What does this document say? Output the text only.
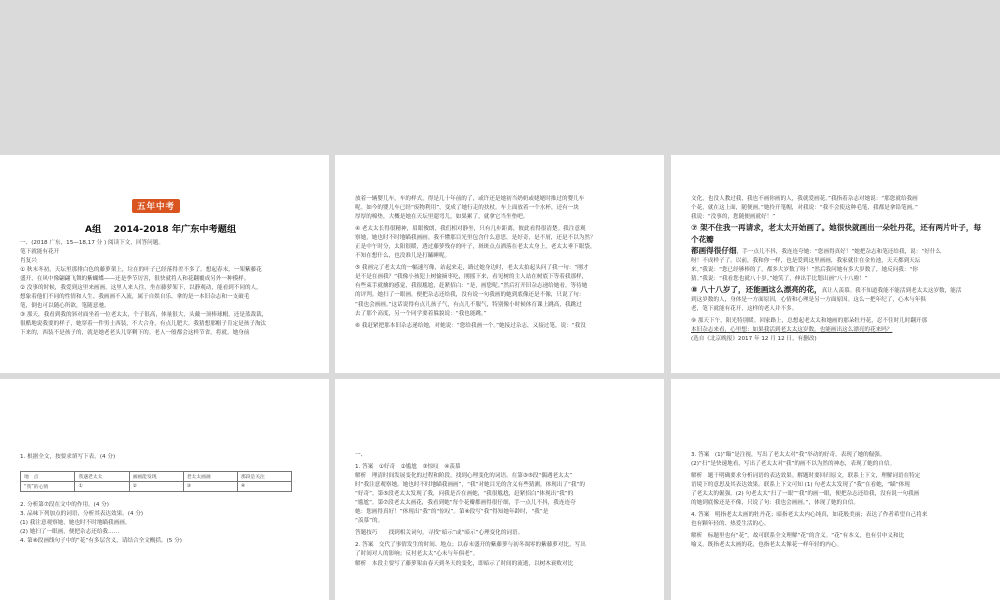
五年中考
A组　 2014-2018 年广东中考题组

一、(2018 广东，15—18,17 分 ) 阅读下文，回答问题。

笔下就能有花开

肖复兴

① 秋末冬初，天坛里那排白色的藤萝架上，垃在的叶子已经落得差不多了。想起春末，一架紫藤花

盛开，在风中像翩翩飞舞的紫蝴蝶——还是季节厉害，很快就将人和花翻覆成另外一种模样。

② 没事的时候，我爱到这里来画画。这里人来人往，坐在藤萝架下，以静观动，能看到不同的人，

想象着他们不同的性情和人生。我画画不入流，属于自娱自乐，拿的是一本旧杂志和一支破毛

笔，倒也可以随心所欲，笔随意驰。

③ 那天，我看到我的斜对面坐着一位老太太，个子很高，体量很大，头戴一顶棒球帽，还是蓝裁裁，

很酷地说我要的样子，她穿着一件男士西装，不大合身，有点儿肥大。我猜想那帽子肯定是孩子淘汰

下来的，西装不是孩子的，就是她老老头儿穿剩下的。老人一般都会这样节省。将就。她身前

放着一辆婴儿车，车的样式，得是几十年前的了，或许还是她初当奶奶或姥姥时推过的婴儿车

呢。如今的婴儿车已经“废物利用”，变成了她行走的扶杖。车上面放着一个水杯，还有一块

厚厚的棉垫，大概是她在天坛里遛弯儿，如果累了，就拿它当坐垫吧。

④ 老太太长得很精神，眉眼俊朗，我们相对静坐，只有几步距离，彼此看得很清楚。我注意观

察她，她也时不时地瞄我画画。我不懂那目光里包含什么意思，是好奇，是不屑，还是不以为然？

正是中午时分，太阳很暖，透过藤萝残存的叶子，斑斑点点洒落在老太太身上，老太太垂下眼袋，

不知在想什么，也没准儿是打瞌睡呢。

⑤ 我画完了老太太的一幅速写像，站起来走，路过她身边时，老太太拍起头问了我一句：“刚才

是不是在画我？”我像小孩犯上树偷摘枣吃，刚摇下来，看见树的主人站在树底下等着我那样，

有些束手就擒的感觉，我很尴尬，赶紧招白：“是，画您呢。”然后打开旧杂志递给她看，等待她

的评判。她扫了一眼画，便把杂志还给我，没有说一句我画的她到底像还是不像，只说了句：

“我也会画画。”这话说得有点儿孩子气，有点儿不服气，特别像小时候体育课上跳高，我跳过

去了那个高度，另一个同学要着躲貌说：“我也能跳。”

⑥ 我赶紧把那本旧杂志递给她，对她说：“您给我画一个。”她接过杂志，又接过笔，说：“我没

文化，也没人教过我，我也不画你画的人，我就爱画花。”我指着杂志对她说：“那您就给我画

个花，就在这上面，随便画。”她拎开笔帽，对我说：“我不会使这种毛笔，我都是拿铅笔画。”

我说：“没事的，您随便画就好！”

⑦ 架不住我一再请求，老太太开始画了。她很快就画出一朵牡丹花，还有两片叶子，每个花瓣

都画得很仔细，手一点儿不抖，我连连夸她：“您画得真好！”她把杂志和笔还给我，说：“好什么

呀！不成样子了。以前，我和你一样，也是爱到这里画画，我家就住在金鱼池，天天都到天坛

来。”我说：“您已经够棒的了，都多大岁数了呀！”然后我问她有多大岁数了，她反问我：“你

猜。”我说：“我看您也就八十岁。”她笑了，伸出手比划出画“八十八啦！”

⑧ 八十八岁了，还能画这么漂亮的花，真让人羡慕。我不知道我能不能活到老太太这岁数，能活

到这岁数的人，身体是一方面原因，心情和心理是另一方面原因。这么一把年纪了，心木与年俱

老，笔下就能有花开，这样的老人并不多。

⑨ 那天下午，阳光特别暖。回家路上，总想起老太太和她画的那朵牡丹花，忍不住时儿时翻开那

本旧杂志来看，心里想：如果我活到老太太这岁数，也能画出这么漂亮的花来吗？

(选自《北京晚报》2017 年 12 月 12 日，有删改)

1. 根据全文，按要求填写下表。(4 分)

地　点	我遇老太太	画画能发现	老太太画画	那段是关注
“我”的心情	①	②	③	④

2. 分析第⑦段在文中的作用。(4 分)

3. 品味下列加点的词语，分析其表达效果。(4 分)

(1) 我注意观察她，她也时不时地瞄我画画。

(2) 她扫了一眼画，便把杂志还给我……

4. 第⑧段画线句子中的“花”有多层含义，请结合全文概括。(5 分)

一、

1. 答案　①好奇　②尴尬　③惊叹　④羡慕

解析　理清时间发展变化的过程和阶段，找到心理变化的词语。在第③⑤段“偶遇老太太”

时“我注意观察她，她也时不时地瞄我画画”，“我”对她目光的含义有些猜测，体现出了“我”的

“好奇”。第⑤段老太太发现了我，问我是否在画她，“我很尴尬，赶紧招白”体现出“我”的

“尴尬”。第⑦段老太太画花，我看到她“每个花瓣都画得很仔细，手一点儿不抖，我连连夸

她：您画得真好！”体现出“我”的“惊叹”。第⑧段写“我”得知她年龄时，“我”是

“羡慕”的。

答题技巧　　找到相关词句，寻找“暗示”或“暗示”心理变化的词语。

2. 答案　交代了事情发生的时间、地点；以春末盛开的紫藤萝与初冬凋零的紫藤萝对比，写出

了时间对人的影响；反衬老太太“心未与年俱老”。

解析　本段主要写了藤萝架由春天到冬天的变化，即暗示了时间的流逝，以树木衰败对比

3. 答案　(1)“瞄”是注视，写出了老太太对“我”举动的好奇，表现了她的倔强。

(2)“扫”是快速地看，写出了老太太对“我”的画不以为然的神态，表现了她的自信。

解析　题干明确要求分析词语的表达效果。解题时要回归原文，联系上下文，理解词语在特定

语境下的意思及其表达效果。联系上下文可知 (1) 句老太太发现了“我”在看她，“瞄”体现

了老太太的倔强。(2) 句老太太“扫了一眼”“我”的画一眼，便把杂志还给我，没有说一句我画

的她到底像还是不像，只说了句：我也会画画。”，体现了她的自信。

4. 答案　明指老太太画的牡丹花；暗指老太太内心纯真，如花般美丽；表达了作者希望自己将来

也有颗年轻的、热爱生活的心。

解析　标题里也有“花”，故可联系全文理解“花”的含义。“花”有本义，也有引申义和比

喻义。既指老太太画的花，也指老太太像花一样年轻的内心。
